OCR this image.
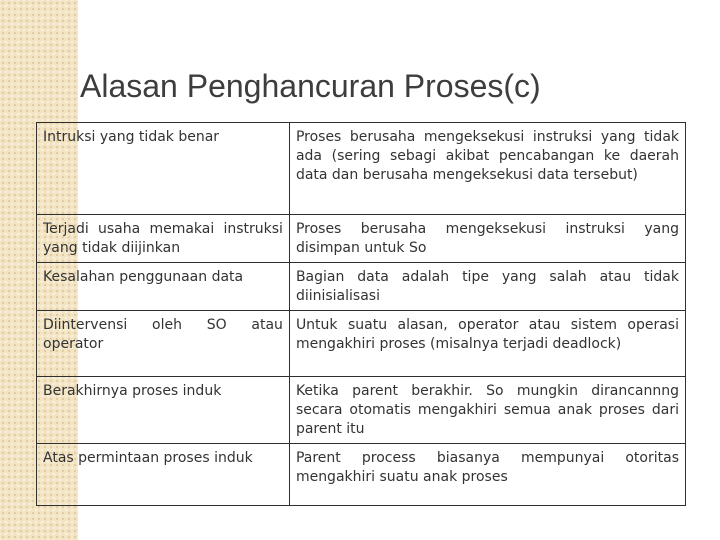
Alasan Penghancuran Proses(c)
Intruksi yang tidak benar	Proses berusaha mengeksekusi instruksi yang tidak ada (sering sebagi akibat pencabangan ke daerah data dan berusaha mengeksekusi data tersebut)
Terjadi usaha memakai instruksi yang tidak diijinkan	Proses berusaha mengeksekusi instruksi yang disimpan untuk So
Kesalahan penggunaan data	Bagian data adalah tipe yang salah atau tidak diinisialisasi
Diintervensi oleh SO atau operator	Untuk suatu alasan, operator atau sistem operasi mengakhiri proses (misalnya terjadi deadlock)
Berakhirnya proses induk	Ketika parent berakhir. So mungkin dirancannng secara otomatis mengakhiri semua anak proses dari parent itu
Atas permintaan proses induk	Parent process biasanya mempunyai otoritas mengakhiri suatu anak proses
